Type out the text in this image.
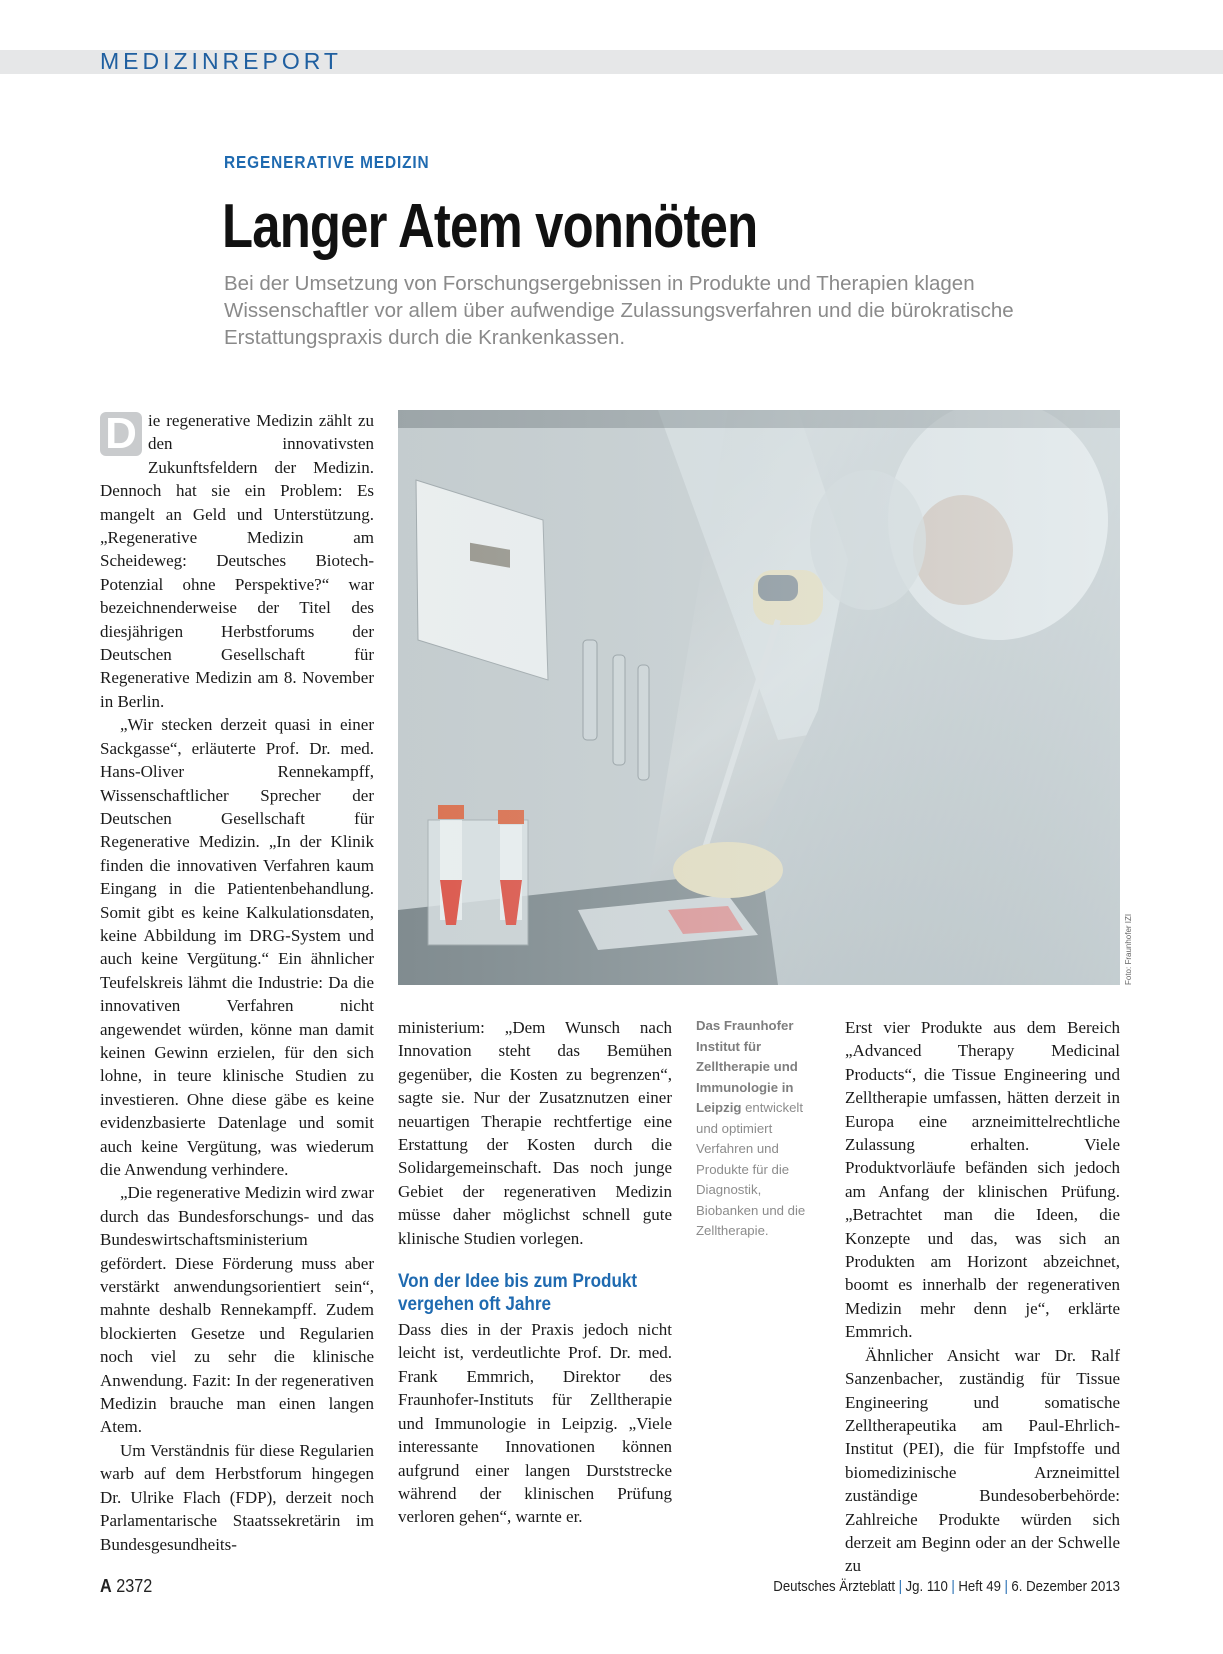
MEDIZINREPORT
REGENERATIVE MEDIZIN
Langer Atem vonnöten

Bei der Umsetzung von Forschungsergebnissen in Produkte und Therapien klagen Wissenschaftler vor allem über aufwendige Zulassungsverfahren und die bürokratische Erstattungspraxis durch die Krankenkassen.

D ie regenerative Medizin zählt zu den innovativsten Zukunftsfeldern der Medizin. Dennoch hat sie ein Problem: Es mangelt an Geld und Unterstützung. „Regenerative Medizin am Scheideweg: Deutsches Biotech-Potenzial ohne Perspektive?“ war bezeichnenderweise der Titel des diesjährigen Herbstforums der Deutschen Gesellschaft für Regenerative Medizin am 8. November in Berlin.

„Wir stecken derzeit quasi in einer Sackgasse“, erläuterte Prof. Dr. med. Hans-Oliver Rennekampff, Wissenschaftlicher Sprecher der Deutschen Gesellschaft für Regenerative Medizin. „In der Klinik finden die innovativen Verfahren kaum Eingang in die Patientenbehandlung. Somit gibt es keine Kalkulationsdaten, keine Abbildung im DRG-System und auch keine Vergütung.“ Ein ähnlicher Teufelskreis lähmt die Industrie: Da die innovativen Verfahren nicht angewendet würden, könne man damit keinen Gewinn erzielen, für den sich lohne, in teure klinische Studien zu investieren. Ohne diese gäbe es keine evidenzbasierte Datenlage und somit auch keine Vergütung, was wiederum die Anwendung verhindere.

„Die regenerative Medizin wird zwar durch das Bundesforschungs- und das Bundeswirtschaftsministerium gefördert. Diese Förderung muss aber verstärkt anwendungsorientiert sein“, mahnte deshalb Rennekampff. Zudem blockierten Gesetze und Regularien noch viel zu sehr die klinische Anwendung. Fazit: In der regenerativen Medizin brauche man einen langen Atem.

Um Verständnis für diese Regularien warb auf dem Herbstforum hingegen Dr. Ulrike Flach (FDP), derzeit noch Parlamentarische Staatssekretärin im Bundesgesundheits-

Foto: Fraunhofer IZI

ministerium: „Dem Wunsch nach Innovation steht das Bemühen gegenüber, die Kosten zu begrenzen“, sagte sie. Nur der Zusatznutzen einer neuartigen Therapie rechtfertige eine Erstattung der Kosten durch die Solidargemeinschaft. Das noch junge Gebiet der regenerativen Medizin müsse daher möglichst schnell gute klinische Studien vorlegen.

Von der Idee bis zum Produkt vergehen oft Jahre

Dass dies in der Praxis jedoch nicht leicht ist, verdeutlichte Prof. Dr. med. Frank Emmrich, Direktor des Fraunhofer-Instituts für Zelltherapie und Immunologie in Leipzig. „Viele interessante Innovationen können aufgrund einer langen Durststrecke während der klinischen Prüfung verloren gehen“, warnte er.

Das Fraunhofer Institut für Zelltherapie und Immunologie in Leipzig entwickelt und optimiert Verfahren und Produkte für die Diagnostik, Biobanken und die Zelltherapie.

Erst vier Produkte aus dem Bereich „Advanced Therapy Medicinal Products“, die Tissue Engineering und Zelltherapie umfassen, hätten derzeit in Europa eine arzneimittelrechtliche Zulassung erhalten. Viele Produktvorläufe befänden sich jedoch am Anfang der klinischen Prüfung. „Betrachtet man die Ideen, die Konzepte und das, was sich an Produkten am Horizont abzeichnet, boomt es innerhalb der regenerativen Medizin mehr denn je“, erklärte Emmrich.

Ähnlicher Ansicht war Dr. Ralf Sanzenbacher, zuständig für Tissue Engineering und somatische Zelltherapeutika am Paul-Ehrlich-Institut (PEI), die für Impfstoffe und biomedizinische Arzneimittel zuständige Bundesoberbehörde: Zahlreiche Produkte würden sich derzeit am Beginn oder an der Schwelle zu

A 2372	Deutsches Ärzteblatt | Jg. 110 | Heft 49 | 6. Dezember 2013
